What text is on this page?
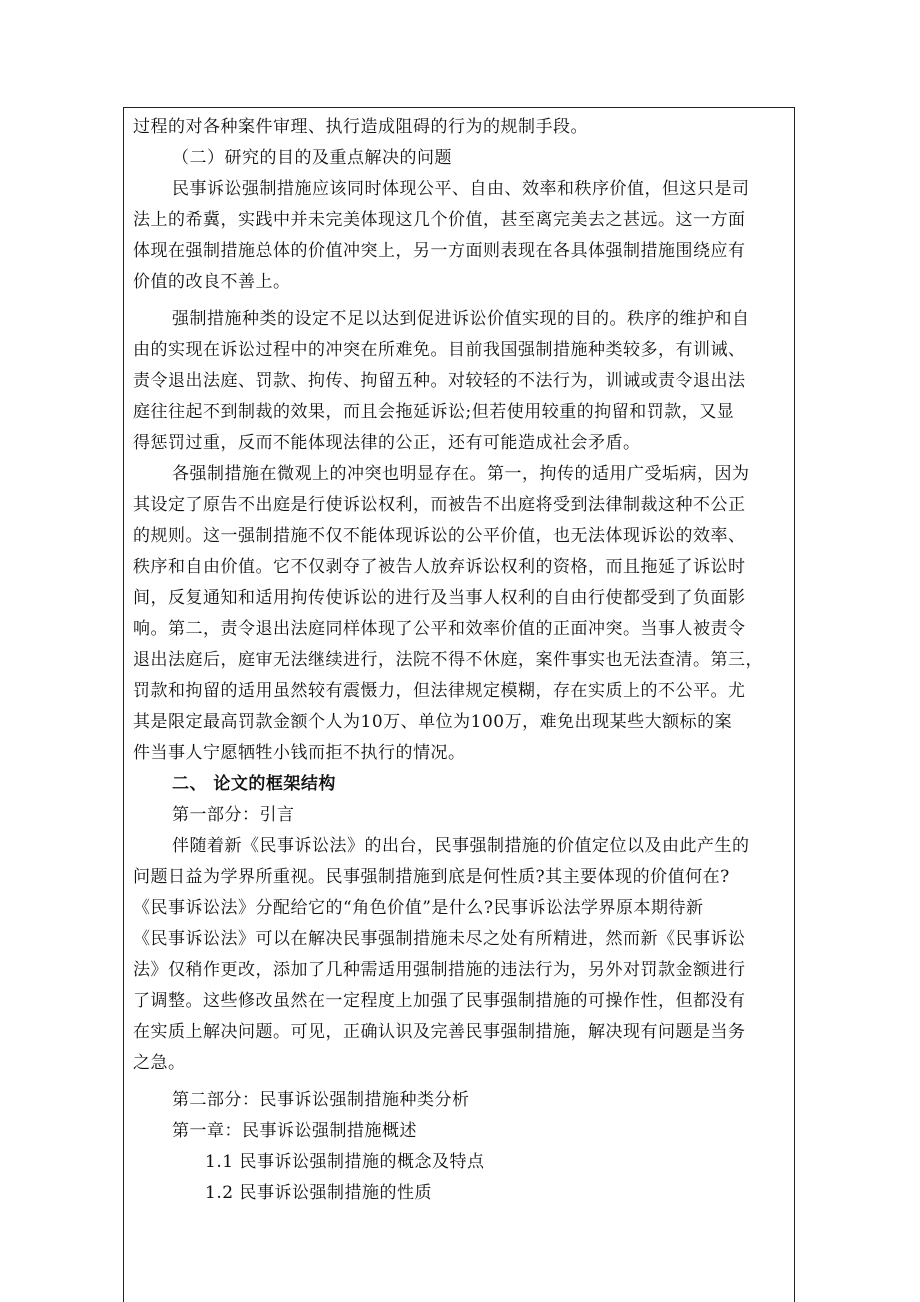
过程的对各种案件审理、执行造成阻碍的行为的规制手段。
（二）研究的目的及重点解决的问题
民事诉讼强制措施应该同时体现公平、自由、效率和秩序价值，但这只是司
法上的希冀，实践中并未完美体现这几个价值，甚至离完美去之甚远。这一方面
体现在强制措施总体的价值冲突上，另一方面则表现在各具体强制措施围绕应有
价值的改良不善上。
强制措施种类的设定不足以达到促进诉讼价值实现的目的。秩序的维护和自
由的实现在诉讼过程中的冲突在所难免。目前我国强制措施种类较多，有训诫、
责令退出法庭、罚款、拘传、拘留五种。对较轻的不法行为，训诫或责令退出法
庭往往起不到制裁的效果，而且会拖延诉讼;但若使用较重的拘留和罚款，又显
得惩罚过重，反而不能体现法律的公正，还有可能造成社会矛盾。
各强制措施在微观上的冲突也明显存在。第一，拘传的适用广受垢病，因为
其设定了原告不出庭是行使诉讼权利，而被告不出庭将受到法律制裁这种不公正
的规则。这一强制措施不仅不能体现诉讼的公平价值，也无法体现诉讼的效率、
秩序和自由价值。它不仅剥夺了被告人放弃诉讼权利的资格，而且拖延了诉讼时
间，反复通知和适用拘传使诉讼的进行及当事人权利的自由行使都受到了负面影
响。第二，责令退出法庭同样体现了公平和效率价值的正面冲突。当事人被责令
退出法庭后，庭审无法继续进行，法院不得不休庭，案件事实也无法查清。第三，
罚款和拘留的适用虽然较有震慑力，但法律规定模糊，存在实质上的不公平。尤
其是限定最高罚款金额个人为10万、单位为100万，难免出现某些大额标的案
件当事人宁愿牺牲小钱而拒不执行的情况。
二、 论文的框架结构
第一部分：引言
伴随着新《民事诉讼法》的出台，民事强制措施的价值定位以及由此产生的
问题日益为学界所重视。民事强制措施到底是何性质?其主要体现的价值何在?
《民事诉讼法》分配给它的“角色价值”是什么?民事诉讼法学界原本期待新
《民事诉讼法》可以在解决民事强制措施未尽之处有所精进，然而新《民事诉讼
法》仅稍作更改，添加了几种需适用强制措施的违法行为，另外对罚款金额进行
了调整。这些修改虽然在一定程度上加强了民事强制措施的可操作性，但都没有
在实质上解决问题。可见，正确认识及完善民事强制措施，解决现有问题是当务
之急。
第二部分：民事诉讼强制措施种类分析
第一章：民事诉讼强制措施概述
1.1 民事诉讼强制措施的概念及特点
1.2 民事诉讼强制措施的性质
